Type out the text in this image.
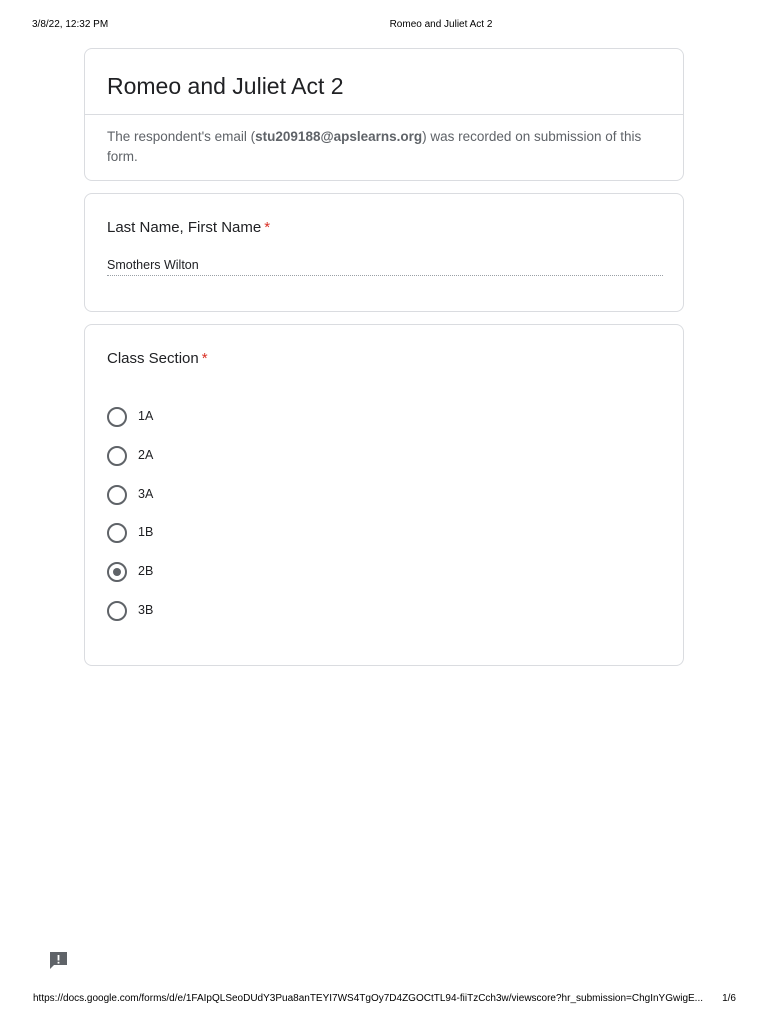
3/8/22, 12:32 PM	Romeo and Juliet Act 2
Romeo and Juliet Act 2
The respondent's email (stu209188@apslearns.org) was recorded on submission of this form.
Last Name, First Name *
Smothers Wilton
Class Section *
1A
2A
3A
1B
2B
3B
https://docs.google.com/forms/d/e/1FAIpQLSeoDUdY3Pua8anTEYI7WS4TgOy7D4ZGOCtTL94-fiiTzCch3w/viewscore?hr_submission=ChgInYGwigE... 1/6
